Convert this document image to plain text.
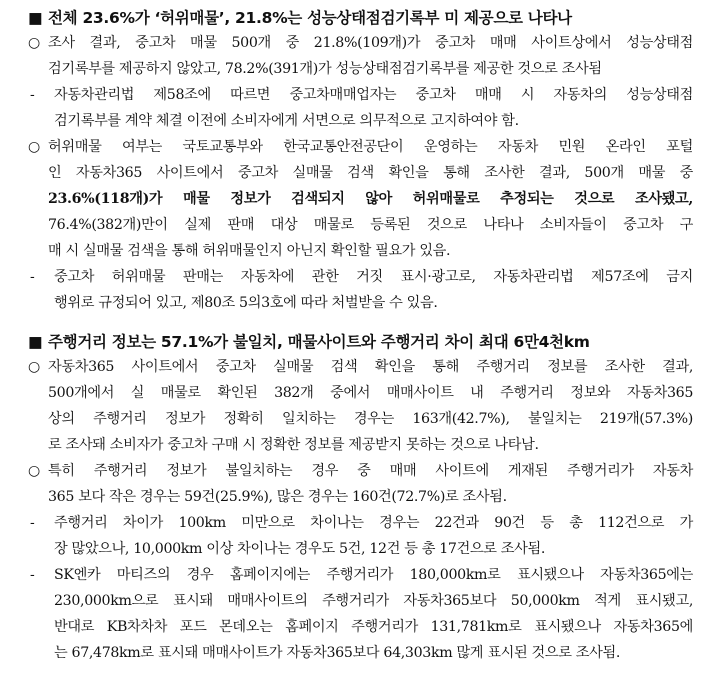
■ 전체 23.6%가 ‘허위매물’, 21.8%는 성능상태점검기록부 미 제공으로 나타나
○ 조사 결과, 중고차 매물 500개 중 21.8%(109개)가 중고차 매매 사이트상에서 성능상태점
검기록부를 제공하지 않았고, 78.2%(391개)가 성능상태점검기록부를 제공한 것으로 조사됨
-	자동차관리법 제58조에 따르면 중고차매매업자는 중고차 매매 시 자동차의 성능상태점
검기록부를 계약 체결 이전에 소비자에게 서면으로 의무적으로 고지하여야 함.
○ 허위매물 여부는 국토교통부와 한국교통안전공단이 운영하는 자동차 민원 온라인 포털
인 자동차365 사이트에서 중고차 실매물 검색 확인을 통해 조사한 결과, 500개 매물 중
23.6%(118개)가 매물 정보가 검색되지 않아 허위매물로 추정되는 것으로 조사됐고,
76.4%(382개)만이 실제 판매 대상 매물로 등록된 것으로 나타나 소비자들이 중고차 구
매 시 실매물 검색을 통해 허위매물인지 아닌지 확인할 필요가 있음.
-	중고차 허위매물 판매는 자동차에 관한 거짓 표시·광고로, 자동차관리법 제57조에 금지
행위로 규정되어 있고, 제80조 5의3호에 따라 처벌받을 수 있음.
■ 주행거리 정보는 57.1%가 불일치, 매물사이트와 주행거리 차이 최대 6만4천km
○ 자동차365 사이트에서 중고차 실매물 검색 확인을 통해 주행거리 정보를 조사한 결과,
500개에서 실 매물로 확인된 382개 중에서 매매사이트 내 주행거리 정보와 자동차365
상의 주행거리 정보가 정확히 일치하는 경우는 163개(42.7%), 불일치는 219개(57.3%)
로 조사돼 소비자가 중고차 구매 시 정확한 정보를 제공받지 못하는 것으로 나타남.
○ 특히 주행거리 정보가 불일치하는 경우 중 매매 사이트에 게재된 주행거리가 자동차
365 보다 작은 경우는 59건(25.9%), 많은 경우는 160건(72.7%)로 조사됨.
-	주행거리 차이가 100km 미만으로 차이나는 경우는 22건과 90건 등 총 112건으로 가
장 많았으나, 10,000km 이상 차이나는 경우도 5건, 12건 등 총 17건으로 조사됨.
-	SK엔카 마티즈의 경우 홈페이지에는 주행거리가 180,000km로 표시됐으나 자동차365에는
230,000km으로 표시돼 매매사이트의 주행거리가 자동차365보다 50,000km 적게 표시됐고,
반대로 KB차차차 포드 몬데오는 홈페이지 주행거리가 131,781km로 표시됐으나 자동차365에
는 67,478km로 표시돼 매매사이트가 자동차365보다 64,303km 많게 표시된 것으로 조사됨.
